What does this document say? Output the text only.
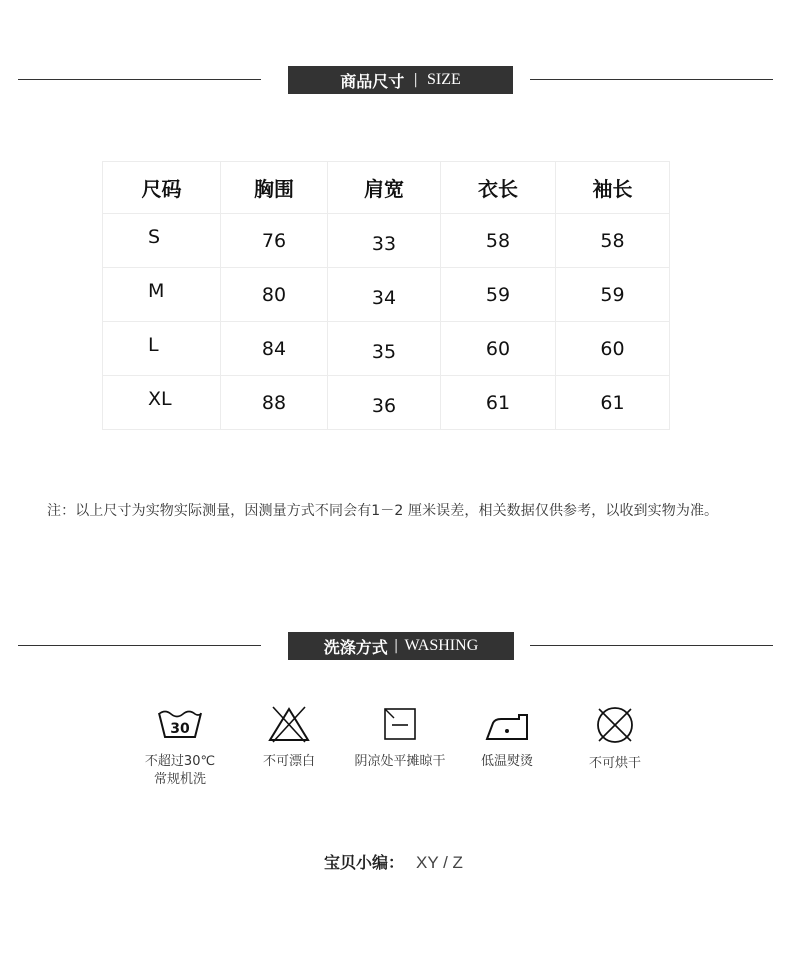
商品尺寸 | SIZE
尺码	胸围	肩宽	衣长	袖长
S	76	33	58	58
M	80	34	59	59
L	84	35	60	60
XL	88	36	61	61
注：以上尺寸为实物实际测量，因测量方式不同会有1－2 厘米误差，相关数据仅供参考，以收到实物为准。
洗涤方式 | WASHING
30
不超过30℃
常规机洗
不可漂白	阴凉处平摊晾干	低温熨烫	不可烘干
宝贝小编： XY / Z
